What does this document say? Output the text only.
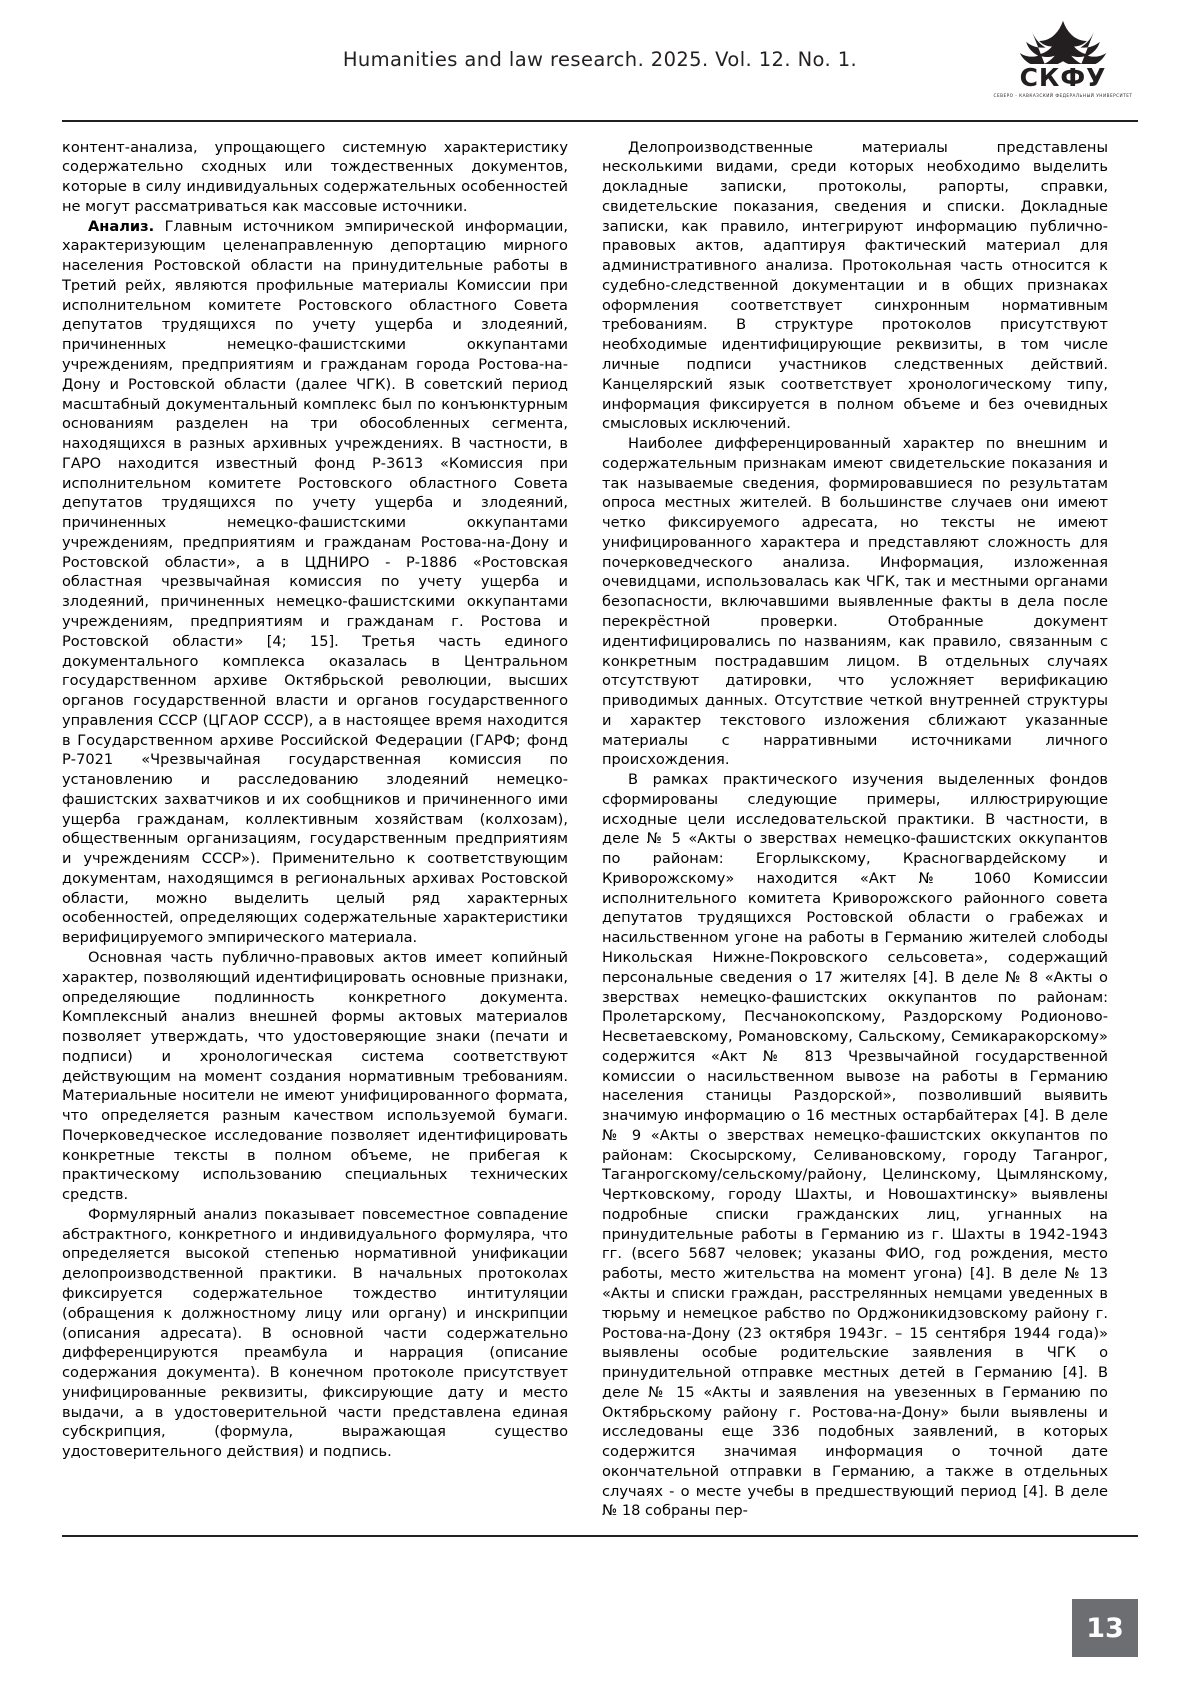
Humanities and law research. 2025. Vol. 12. No. 1.
СКФУ
СЕВЕРО - КАВКАЗСКИЙ ФЕДЕРАЛЬНЫЙ УНИВЕРСИТЕТ

контент-анализа, упрощающего системную характеристику содержательно сходных или тождественных документов, которые в силу индивидуальных содержательных особенностей не могут рассматриваться как массовые источники.

Анализ. Главным источником эмпирической информации, характеризующим целенаправленную депортацию мирного населения Ростовской области на принудительные работы в Третий рейх, являются профильные материалы Комиссии при исполнительном комитете Ростовского областного Совета депутатов трудящихся по учету ущерба и злодеяний, причиненных немецко-фашистскими оккупантами учреждениям, предприятиям и гражданам города Ростова-на-Дону и Ростовской области (далее ЧГК). В советский период масштабный документальный комплекс был по конъюнктурным основаниям разделен на три обособленных сегмента, находящихся в разных архивных учреждениях. В частности, в ГАРО находится известный фонд Р-3613 «Комиссия при исполнительном комитете Ростовского областного Совета депутатов трудящихся по учету ущерба и злодеяний, причиненных немецко-фашистскими оккупантами учреждениям, предприятиям и гражданам Ростова-на-Дону и Ростовской области», а в ЦДНИРО - Р-1886 «Ростовская областная чрезвычайная комиссия по учету ущерба и злодеяний, причиненных немецко-фашистскими оккупантами учреждениям, предприятиям и гражданам г. Ростова и Ростовской области» [4; 15]. Третья часть единого документального комплекса оказалась в Центральном государственном архиве Октябрьской революции, высших органов государственной власти и органов государственного управления СССР (ЦГАОР СССР), а в настоящее время находится в Государственном архиве Российской Федерации (ГАРФ; фонд Р-7021 «Чрезвычайная государственная комиссия по установлению и расследованию злодеяний немецко-фашистских захватчиков и их сообщников и причиненного ими ущерба гражданам, коллективным хозяйствам (колхозам), общественным организациям, государственным предприятиям и учреждениям СССР»). Применительно к соответствующим документам, находящимся в региональных архивах Ростовской области, можно выделить целый ряд характерных особенностей, определяющих содержательные характеристики верифицируемого эмпирического материала.

Основная часть публично-правовых актов имеет копийный характер, позволяющий идентифицировать основные признаки, определяющие подлинность конкретного документа. Комплексный анализ внешней формы актовых материалов позволяет утверждать, что удостоверяющие знаки (печати и подписи) и хронологическая система соответствуют действующим на момент создания нормативным требованиям. Материальные носители не имеют унифицированного формата, что определяется разным качеством используемой бумаги. Почерковедческое исследование позволяет идентифицировать конкретные тексты в полном объеме, не прибегая к практическому использованию специальных технических средств.

Формулярный анализ показывает повсеместное совпадение абстрактного, конкретного и индивидуального формуляра, что определяется высокой степенью нормативной унификации делопроизводственной практики. В начальных протоколах фиксируется содержательное тождество интитуляции (обращения к должностному лицу или органу) и инскрипции (описания адресата). В основной части содержательно дифференцируются преамбула и наррация (описание содержания документа). В конечном протоколе присутствует унифицированные реквизиты, фиксирующие дату и место выдачи, а в удостоверительной части представлена единая субскрипция, (формула, выражающая существо удостоверительного действия) и подпись.

Делопроизводственные материалы представлены несколькими видами, среди которых необходимо выделить докладные записки, протоколы, рапорты, справки, свидетельские показания, сведения и списки. Докладные записки, как правило, интегрируют информацию публично-правовых актов, адаптируя фактический материал для административного анализа. Протокольная часть относится к судебно-следственной документации и в общих признаках оформления соответствует синхронным нормативным требованиям. В структуре протоколов присутствуют необходимые идентифицирующие реквизиты, в том числе личные подписи участников следственных действий. Канцелярский язык соответствует хронологическому типу, информация фиксируется в полном объеме и без очевидных смысловых исключений.

Наиболее дифференцированный характер по внешним и содержательным признакам имеют свидетельские показания и так называемые сведения, формировавшиеся по результатам опроса местных жителей. В большинстве случаев они имеют четко фиксируемого адресата, но тексты не имеют унифицированного характера и представляют сложность для почерковедческого анализа. Информация, изложенная очевидцами, использовалась как ЧГК, так и местными органами безопасности, включавшими выявленные факты в дела после перекрёстной проверки. Отобранные документ идентифицировались по названиям, как правило, связанным с конкретным пострадавшим лицом. В отдельных случаях отсутствуют датировки, что усложняет верификацию приводимых данных. Отсутствие четкой внутренней структуры и характер текстового изложения сближают указанные материалы с нарративными источниками личного происхождения.

В рамках практического изучения выделенных фондов сформированы следующие примеры, иллюстрирующие исходные цели исследовательской практики. В частности, в деле № 5 «Акты о зверствах немецко-фашистских оккупантов по районам: Егорлыкскому, Красногвардейскому и Криворожскому» находится «Акт № 1060 Комиссии исполнительного комитета Криворожского районного совета депутатов трудящихся Ростовской области о грабежах и насильственном угоне на работы в Германию жителей слободы Никольская Нижне-Покровского сельсовета», содержащий персональные сведения о 17 жителях [4]. В деле № 8 «Акты о зверствах немецко-фашистских оккупантов по районам: Пролетарскому, Песчанокопскому, Раздорскому Родионово-Несветаевскому, Романовскому, Сальскому, Семикаракорскому» содержится «Акт № 813 Чрезвычайной государственной комиссии о насильственном вывозе на работы в Германию населения станицы Раздорской», позволивший выявить значимую информацию о 16 местных остарбайтерах [4]. В деле № 9 «Акты о зверствах немецко-фашистских оккупантов по районам: Скосырскому, Селивановскому, городу Таганрог, Таганрогскому/сельскому/району, Целинскому, Цымлянскому, Чертковскому, городу Шахты, и Новошахтинску» выявлены подробные списки гражданских лиц, угнанных на принудительные работы в Германию из г. Шахты в 1942-1943 гг. (всего 5687 человек; указаны ФИО, год рождения, место работы, место жительства на момент угона) [4]. В деле № 13 «Акты и списки граждан, расстрелянных немцами уведенных в тюрьму и немецкое рабство по Орджоникидзовскому району г. Ростова-на-Дону (23 октября 1943г. – 15 сентября 1944 года)» выявлены особые родительские заявления в ЧГК о принудительной отправке местных детей в Германию [4]. В деле № 15 «Акты и заявления на увезенных в Германию по Октябрьскому району г. Ростова-на-Дону» были выявлены и исследованы еще 336 подобных заявлений, в которых содержится значимая информация о точной дате окончательной отправки в Германию, а также в отдельных случаях - о месте учебы в предшествующий период [4]. В деле № 18 собраны пер-

13
